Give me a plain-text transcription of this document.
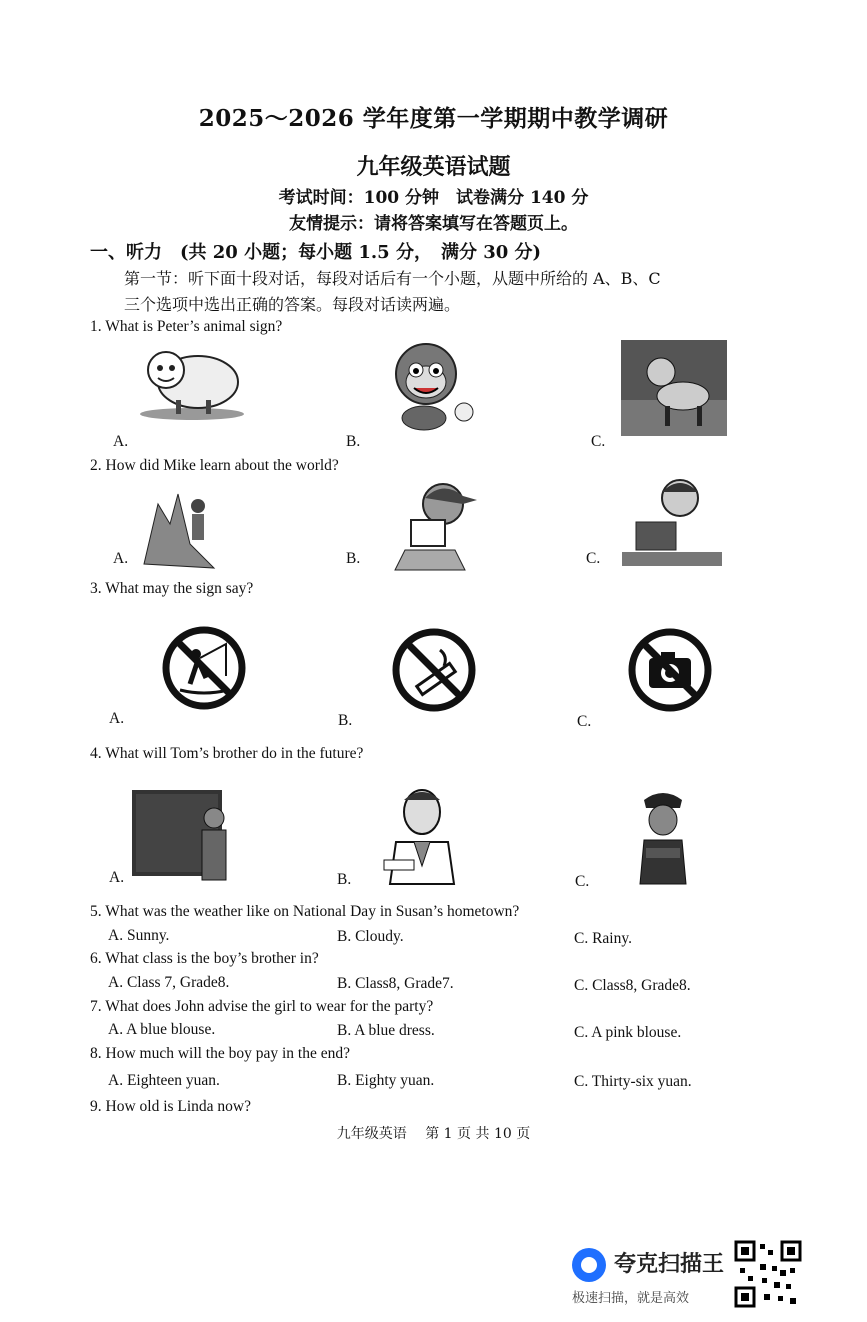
2025～2026 学年度第一学期期中教学调研
九年级英语试题
考试时间：100 分钟　试卷满分 140 分
友情提示：请将答案填写在答题页上。
一、听力　(共 20 小题；每小题 1.5 分，　满分 30 分)
第一节：听下面十段对话，每段对话后有一个小题，从题中所给的 A、B、C
三个选项中选出正确的答案。每段对话读两遍。
1. What is Peter’s animal sign?
A.	B.	C.
2. How did Mike learn about the world?
A.	B.	C.
3. What may the sign say?
A.	B.	C.
4. What will Tom’s brother do in the future?
A.	B.	C.
5. What was the weather like on National Day in Susan’s hometown?
A. Sunny.	B. Cloudy.	C. Rainy.
6. What class is the boy’s brother in?
A. Class 7, Grade8.	B. Class8, Grade7.	C. Class8, Grade8.
7. What does John advise the girl to wear for the party?
A. A blue blouse.	B. A blue dress.	C. A pink blouse.
8. How much will the boy pay in the end?
A. Eighteen yuan.	B. Eighty yuan.	C. Thirty-six yuan.
9. How old is Linda now?
九年级英语　 第 1 页 共 10 页
夸克扫描王
极速扫描，就是高效
